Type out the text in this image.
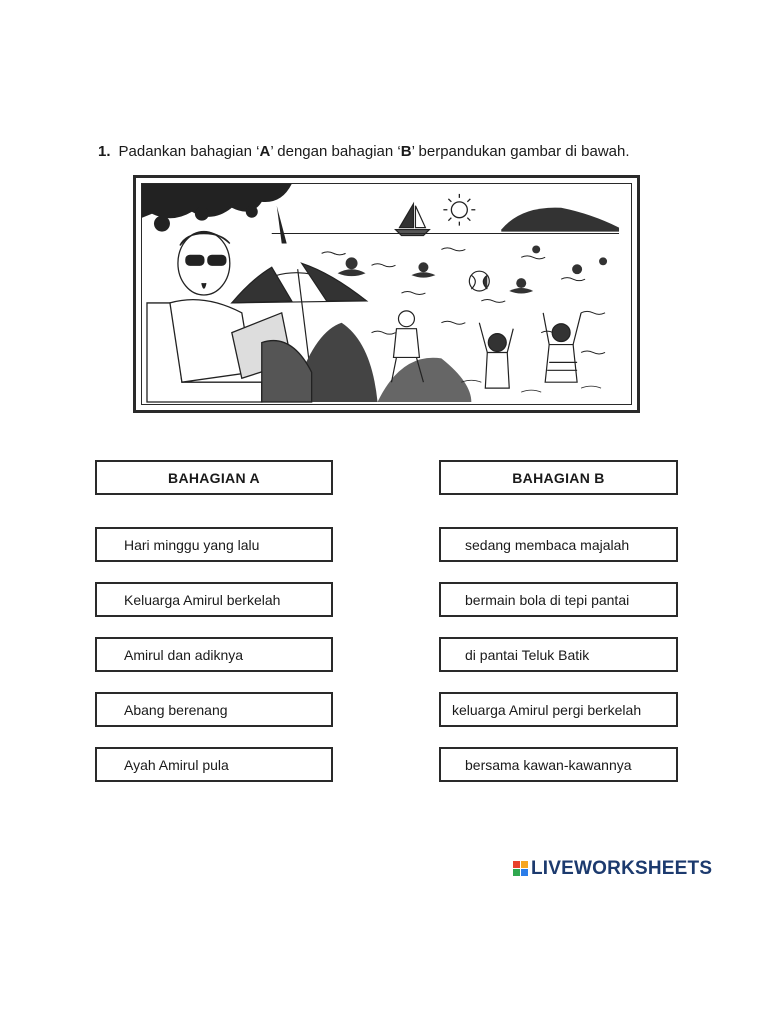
1. Padankan bahagian ‘A’ dengan bahagian ‘B’ berpandukan gambar di bawah.
BAHAGIAN A	BAHAGIAN B
Hari minggu yang lalu
Keluarga Amirul berkelah
Amirul dan adiknya
Abang berenang
Ayah Amirul pula
sedang membaca majalah
bermain bola di tepi pantai
di pantai Teluk Batik
keluarga Amirul pergi berkelah
bersama kawan-kawannya
LIVEWORKSHEETS
